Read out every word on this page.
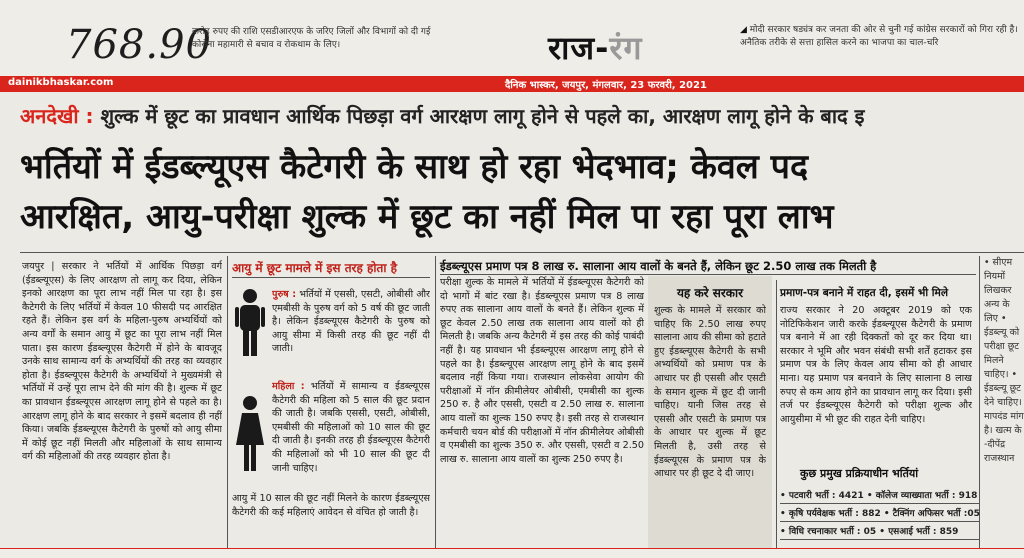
768.90
करोड़ रुपए की राशि एसडीआरएफ के जरिए जिलों और विभागों को दी गई कोरोना महामारी से बचाव व रोकथाम के लिए।	राज-रंग
◢	मोदी सरकार षड्यंत्र कर जनता की ओर से चुनी गई कांग्रेस सरकारों को गिरा रही है। अनैतिक तरीके से सत्ता हासिल करने का भाजपा का चाल-चरि
dainikbhaskar.com	दैनिक भास्कर, जयपुर, मंगलवार, 23 फरवरी, 2021
अनदेखी : शुल्क में छूट का प्रावधान आर्थिक पिछड़ा वर्ग आरक्षण लागू होने से पहले का, आरक्षण लागू होने के बाद इ
भर्तियों में ईडब्ल्यूएस कैटेगरी के साथ हो रहा भेदभाव; केवल पद
आरक्षित, आयु-परीक्षा शुल्क में छूट का नहीं मिल पा रहा पूरा लाभ
जयपुर | सरकार ने भर्तियों में आर्थिक पिछड़ा वर्ग (ईडब्ल्यूएस) के लिए आरक्षण तो लागू कर दिया, लेकिन इनको आरक्षण का पूरा लाभ नहीं मिल पा रहा है। इस कैटेगरी के लिए भर्तियों में केवल 10 फीसदी पद आरक्षित रहते हैं। लेकिन इस वर्ग के महिला-पुरुष अभ्यर्थियों को अन्य वर्गों के समान आयु में छूट का पूरा लाभ नहीं मिल पाता। इस कारण ईडब्ल्यूएस कैटेगरी में होने के बावजूद उनके साथ सामान्य वर्ग के अभ्यर्थियों की तरह का व्यवहार होता है। ईडब्ल्यूएस कैटेगरी के अभ्यर्थियों ने मुख्यमंत्री से भर्तियों में उन्हें पूरा लाभ देने की मांग की है। शुल्क में छूट का प्रावधान ईडब्ल्यूएस आरक्षण लागू होने से पहले का है। आरक्षण लागू होने के बाद सरकार ने इसमें बदलाव ही नहीं किया। जबकि ईडब्ल्यूएस कैटेगरी के पुरुषों को आयु सीमा में कोई छूट नहीं मिलती और महिलाओं के साथ सामान्य वर्ग की महिलाओं की तरह व्यवहार होता है।
आयु में छूट मामले में इस तरह होता है
पुरुष : भर्तियों में एससी, एसटी, ओबीसी और एमबीसी के पुरुष वर्ग को 5 वर्ष की छूट जाती है। लेकिन ईडब्ल्यूएस कैटेगरी के पुरुष को आयु सीमा में किसी तरह की छूट नहीं दी जाती।
महिला : भर्तियों में सामान्य व ईडब्ल्यूएस कैटेगरी की महिला को 5 साल की छूट प्रदान की जाती है। जबकि एससी, एसटी, ओबीसी, एमबीसी की महिलाओं को 10 साल की छूट दी जाती है। इनकी तरह ही ईडब्ल्यूएस कैटेगरी की महिलाओं को भी 10 साल की छूट दी जानी चाहिए।
आयु में 10 साल की छूट नहीं मिलने के कारण ईडब्ल्यूएस कैटेगरी की कई महिलाएं आवेदन से वंचित हो जाती है।
ईडब्ल्यूएस प्रमाण पत्र 8 लाख रु. सालाना आय वालों के बनते हैं, लेकिन छूट 2.50 लाख तक मिलती है
परीक्षा शुल्क के मामले में भर्तियों में ईडब्ल्यूएस कैटेगरी को दो भागों में बांट रखा है। ईडब्ल्यूएस प्रमाण पत्र 8 लाख रुपए तक सालाना आय वालों के बनते हैं। लेकिन शुल्क में छूट केवल 2.50 लाख तक सालाना आय वालों को ही मिलती है। जबकि अन्य कैटेगरी में इस तरह की कोई पाबंदी नहीं है। यह प्रावधान भी ईडब्ल्यूएस आरक्षण लागू होने से पहले का है। ईडब्ल्यूएस आरक्षण लागू होने के बाद इसमें बदलाव नहीं किया गया। राजस्थान लोकसेवा आयोग की परीक्षाओं में नॉन क्रीमीलेयर ओबीसी, एमबीसी का शुल्क 250 रु. है और एससी, एसटी व 2.50 लाख रु. सालाना आय वालों का शुल्क 150 रुपए है। इसी तरह से राजस्थान कर्मचारी चयन बोर्ड की परीक्षाओं में नॉन क्रीमीलेयर ओबीसी व एमबीसी का शुल्क 350 रु. और एससी, एसटी व 2.50 लाख रु. सालाना आय वालों का शुल्क 250 रुपए है।
यह करे सरकार
शुल्क के मामले में सरकार को चाहिए कि 2.50 लाख रुपए सालाना आय की सीमा को हटाते हुए ईडब्ल्यूएस कैटेगरी के सभी अभ्यर्थियों को प्रमाण पत्र के आधार पर ही एससी और एसटी के समान शुल्क में छूट दी जानी चाहिए। यानी जिस तरह से एससी और एसटी के प्रमाण पत्र के आधार पर शुल्क में छूट मिलती है, उसी तरह से ईडब्ल्यूएस के प्रमाण पत्र के आधार पर ही छूट दे दी जाए।
प्रमाण-पत्र बनाने में राहत दी, इसमें भी मिले
राज्य सरकार ने 20 अक्टूबर 2019 को एक नोटिफिकेशन जारी करके ईडब्ल्यूएस कैटेगरी के प्रमाण पत्र बनाने में आ रही दिक्कतों को दूर कर दिया था। सरकार ने भूमि और भवन संबंधी सभी शर्तें हटाकर इस प्रमाण पत्र के लिए केवल आय सीमा को ही आधार माना। यह प्रमाण पत्र बनवाने के लिए सालाना 8 लाख रुपए से कम आय होने का प्रावधान लागू कर दिया। इसी तर्ज पर ईडब्ल्यूएस कैटेगरी को परीक्षा शुल्क और आयुसीमा में भी छूट की राहत देनी चाहिए।
कुछ प्रमुख प्रक्रियाधीन भर्तियां
• पटवारी भर्ती : 4421 • कॉलेज व्याख्याता भर्ती : 918
• कृषि पर्यवेक्षक भर्ती : 882 • टैक्निंग अफिसर भर्ती :05
• विधि रचनाकार भर्ती : 05 • एसआई भर्ती : 859
• सीएम नियमों लिखकर अन्य के लिए • ईडब्ल्यू को परीक्षा छूट मिलने चाहिए। • ईडब्ल्यू छूट देने चाहिए। मापदंड मांग है। खत्म के -दीपेंद्र राजस्थान
